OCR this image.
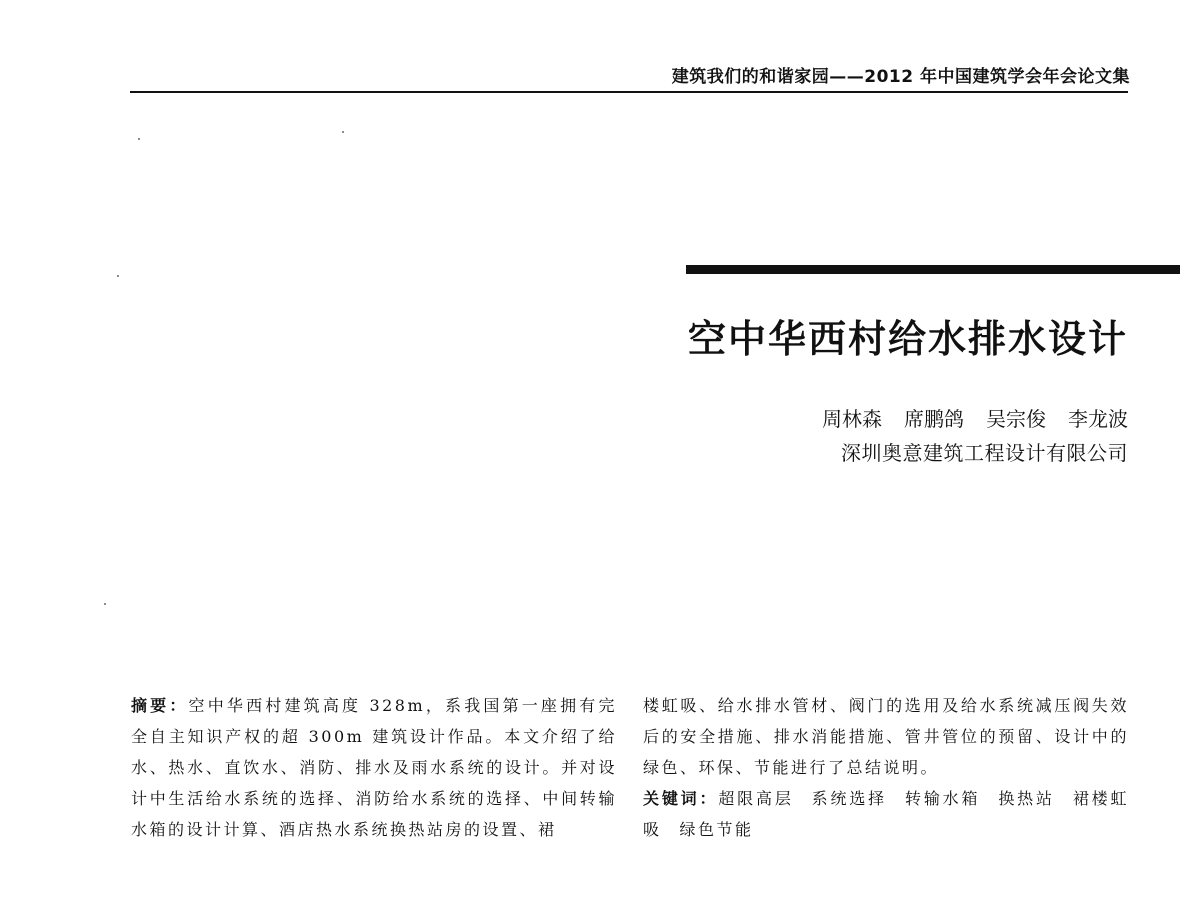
建筑我们的和谐家园——2012 年中国建筑学会年会论文集
空中华西村给水排水设计
周林森 席鹏鸽 吴宗俊 李龙波
深圳奥意建筑工程设计有限公司
摘要：空中华西村建筑高度 328m，系我国第一座拥有完全自主知识产权的超 300m 建筑设计作品。本文介绍了给水、热水、直饮水、消防、排水及雨水系统的设计。并对设计中生活给水系统的选择、消防给水系统的选择、中间转输水箱的设计计算、酒店热水系统换热站房的设置、裙
楼虹吸、给水排水管材、阀门的选用及给水系统减压阀失效后的安全措施、排水消能措施、管井管位的预留、设计中的绿色、环保、节能进行了总结说明。
关键词：超限高层 系统选择 转输水箱 换热站 裙楼虹吸 绿色节能
